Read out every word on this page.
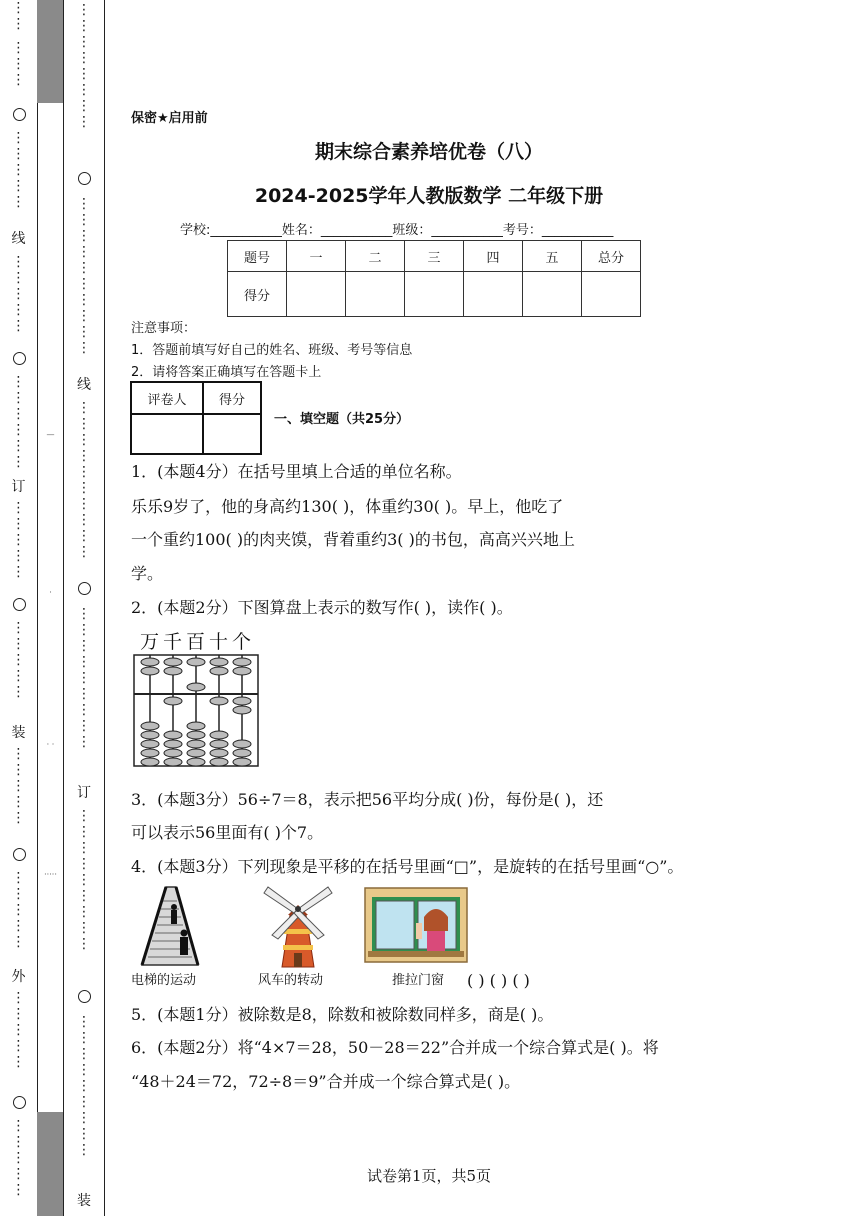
⋮
⋮

⋮
⋮
⋮
⋮
⋮
⋮
⋮
⋮
线
⋮
⋮
⋮
⋮
⋮
⋮
⋮
⋮
⋮
⋮
⋮
订
⋮
⋮
⋮
⋮
⋮
⋮
⋮
⋮
⋮
⋮
装
⋮
⋮
⋮
⋮
⋮
⋮
⋮
⋮
⋮
⋮
外
⋮
⋮
⋮
⋮
⋮
⋮
⋮
⋮
⋮
⋮
—
·
· ·
·····
⋮
⋮
⋮
⋮
⋮
⋮
⋮
⋮
⋮
⋮
⋮
⋮
⋮
⋮
⋮
⋮
⋮
⋮
线
⋮
⋮
⋮
⋮
⋮
⋮
⋮
⋮
⋮
⋮
⋮
⋮
⋮
⋮
⋮
⋮
⋮
⋮
⋮
订
⋮
⋮
⋮
⋮
⋮
⋮
⋮
⋮
⋮
⋮
⋮
⋮
⋮
⋮
⋮
⋮
⋮
⋮
装
保密★启用前
期末综合素养培优卷（八）
2024-2025学年人教版数学 二年级下册
学校:___________姓名：___________班级：___________考号：___________
题号	一	二	三	四	五	总分
得分						
注意事项：
1．答题前填写好自己的姓名、班级、考号等信息
2．请将答案正确填写在答题卡上
评卷人	得分

一、填空题（共25分）
1．(本题4分）在括号里填上合适的单位名称。
乐乐9岁了，他的身高约130( )，体重约30( )。早上，他吃了
一个重约100( )的肉夹馍，背着重约3( )的书包，高高兴兴地上
学。
2．(本题2分）下图算盘上表示的数写作( )，读作( )。
万千百十个
3．(本题3分）56÷7＝8，表示把56平均分成( )份，每份是( )，还
可以表示56里面有( )个7。
4．(本题3分）下列现象是平移的在括号里画“□”，是旋转的在括号里画“○”。
电梯的运动	风车的转动	推拉门窗 ( ) ( ) ( )
5．(本题1分）被除数是8，除数和被除数同样多，商是( )。
6．(本题2分）将“4×7＝28，50－28＝22”合并成一个综合算式是( )。将
“48＋24＝72，72÷8＝9”合并成一个综合算式是( )。
试卷第1页，共5页
